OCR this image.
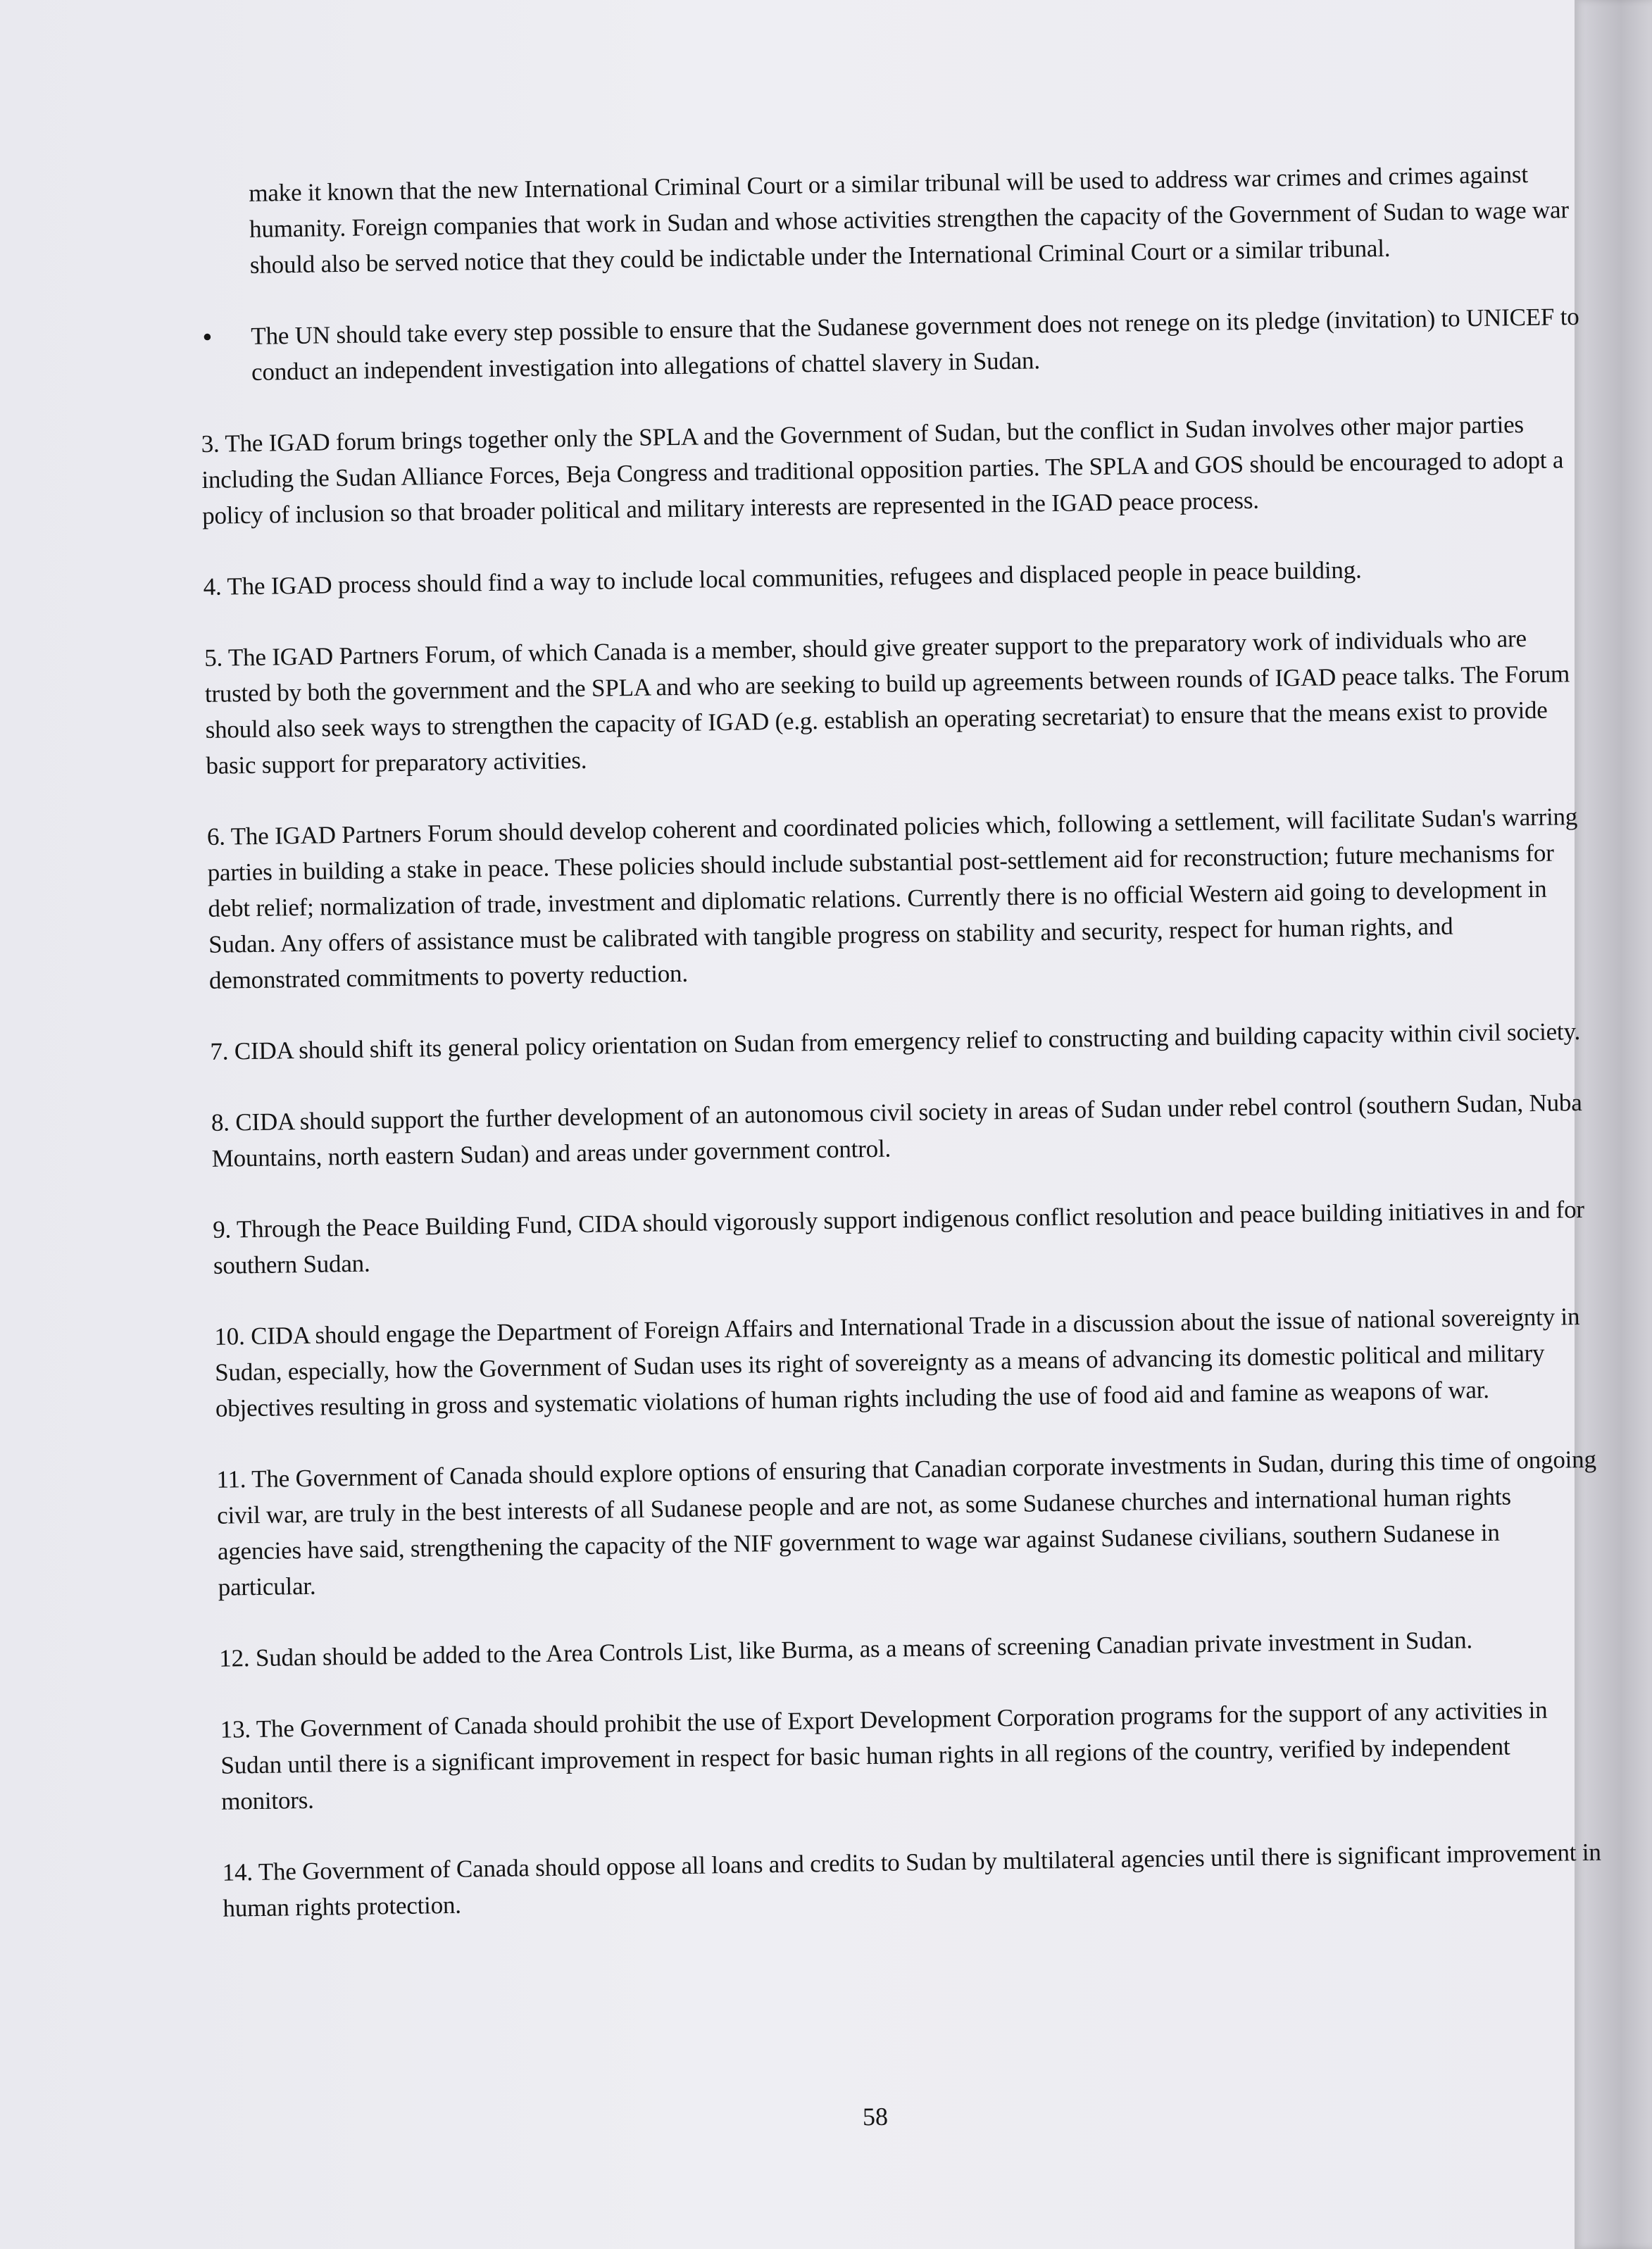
make it known that the new International Criminal Court or a similar tribunal will be used to address war crimes and crimes against humanity. Foreign companies that work in Sudan and whose activities strengthen the capacity of the Government of Sudan to wage war should also be served notice that they could be indictable under the International Criminal Court or a similar tribunal.

• The UN should take every step possible to ensure that the Sudanese government does not renege on its pledge (invitation) to UNICEF to conduct an independent investigation into allegations of chattel slavery in Sudan.

3. The IGAD forum brings together only the SPLA and the Government of Sudan, but the conflict in Sudan involves other major parties including the Sudan Alliance Forces, Beja Congress and traditional opposition parties. The SPLA and GOS should be encouraged to adopt a policy of inclusion so that broader political and military interests are represented in the IGAD peace process.

4. The IGAD process should find a way to include local communities, refugees and displaced people in peace building.

5. The IGAD Partners Forum, of which Canada is a member, should give greater support to the preparatory work of individuals who are trusted by both the government and the SPLA and who are seeking to build up agreements between rounds of IGAD peace talks. The Forum should also seek ways to strengthen the capacity of IGAD (e.g. establish an operating secretariat) to ensure that the means exist to provide basic support for preparatory activities.

6. The IGAD Partners Forum should develop coherent and coordinated policies which, following a settlement, will facilitate Sudan's warring parties in building a stake in peace. These policies should include substantial post-settlement aid for reconstruction; future mechanisms for debt relief; normalization of trade, investment and diplomatic relations. Currently there is no official Western aid going to development in Sudan. Any offers of assistance must be calibrated with tangible progress on stability and security, respect for human rights, and demonstrated commitments to poverty reduction.

7. CIDA should shift its general policy orientation on Sudan from emergency relief to constructing and building capacity within civil society.

8. CIDA should support the further development of an autonomous civil society in areas of Sudan under rebel control (southern Sudan, Nuba Mountains, north eastern Sudan) and areas under government control.

9. Through the Peace Building Fund, CIDA should vigorously support indigenous conflict resolution and peace building initiatives in and for southern Sudan.

10. CIDA should engage the Department of Foreign Affairs and International Trade in a discussion about the issue of national sovereignty in Sudan, especially, how the Government of Sudan uses its right of sovereignty as a means of advancing its domestic political and military objectives resulting in gross and systematic violations of human rights including the use of food aid and famine as weapons of war.

11. The Government of Canada should explore options of ensuring that Canadian corporate investments in Sudan, during this time of ongoing civil war, are truly in the best interests of all Sudanese people and are not, as some Sudanese churches and international human rights agencies have said, strengthening the capacity of the NIF government to wage war against Sudanese civilians, southern Sudanese in particular.

12. Sudan should be added to the Area Controls List, like Burma, as a means of screening Canadian private investment in Sudan.

13. The Government of Canada should prohibit the use of Export Development Corporation programs for the support of any activities in Sudan until there is a significant improvement in respect for basic human rights in all regions of the country, verified by independent monitors.

14. The Government of Canada should oppose all loans and credits to Sudan by multilateral agencies until there is significant improvement in human rights protection.

58
